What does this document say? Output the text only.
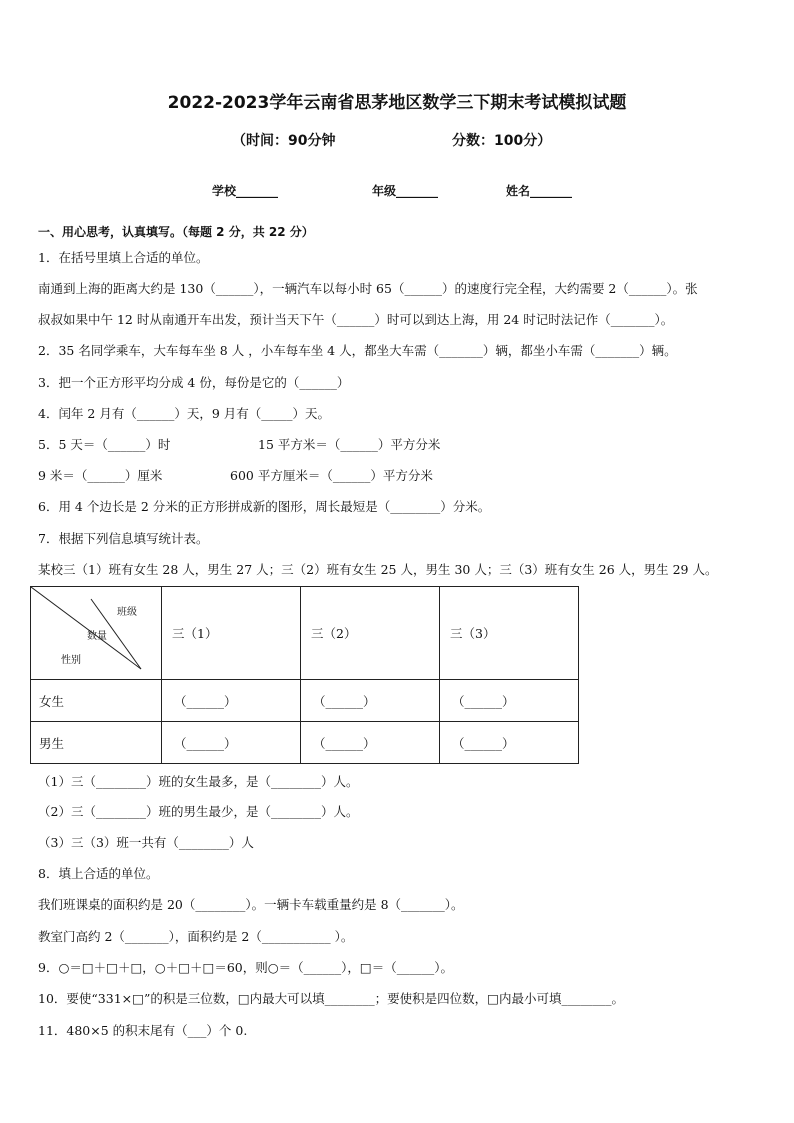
2022-2023学年云南省思茅地区数学三下期末考试模拟试题
（时间：90分钟	分数：100分）
学校_______	年级_______	姓名_______
一、用心思考，认真填写。（每题 2 分，共 22 分）
1．在括号里填上合适的单位。
南通到上海的距离大约是 130（______），一辆汽车以每小时 65（______）的速度行完全程，大约需要 2（______）。张
叔叔如果中午 12 时从南通开车出发，预计当天下午（______）时可以到达上海，用 24 时记时法记作（_______）。
2．35 名同学乘车，大车每车坐 8 人 ，小车每车坐 4 人，都坐大车需（_______）辆，都坐小车需（_______）辆。
3．把一个正方形平均分成 4 份，每份是它的（______）
4．闰年 2 月有（______）天，9 月有（_____）天。
5．5 天＝（______）时	15 平方米＝（______）平方分米
9 米＝（______）厘米	600 平方厘米＝（______）平方分米
6．用 4 个边长是 2 分米的正方形拼成新的图形，周长最短是（________）分米。
7．根据下列信息填写统计表。
某校三（1）班有女生 28 人，男生 27 人；三（2）班有女生 25 人，男生 30 人；三（3）班有女生 26 人，男生 29 人。
班级
数量
性别	三（1）	三（2）	三（3）
女生	（______）	（______）	（______）
男生	（______）	（______）	（______）
（1）三（________）班的女生最多，是（________）人。
（2）三（________）班的男生最少，是（________）人。
（3）三（3）班一共有（________）人
8．填上合适的单位。
我们班课桌的面积约是 20（________）。一辆卡车载重量约是 8（_______）。
教室门高约 2（_______），面积约是 2（___________ ）。
9．○＝□＋□＋□，○＋□＋□＝60，则○＝（______），□＝（______）。
10．要使“331×□”的积是三位数，□内最大可以填________；要使积是四位数，□内最小可填________。
11．480×5 的积末尾有（___）个 0.
